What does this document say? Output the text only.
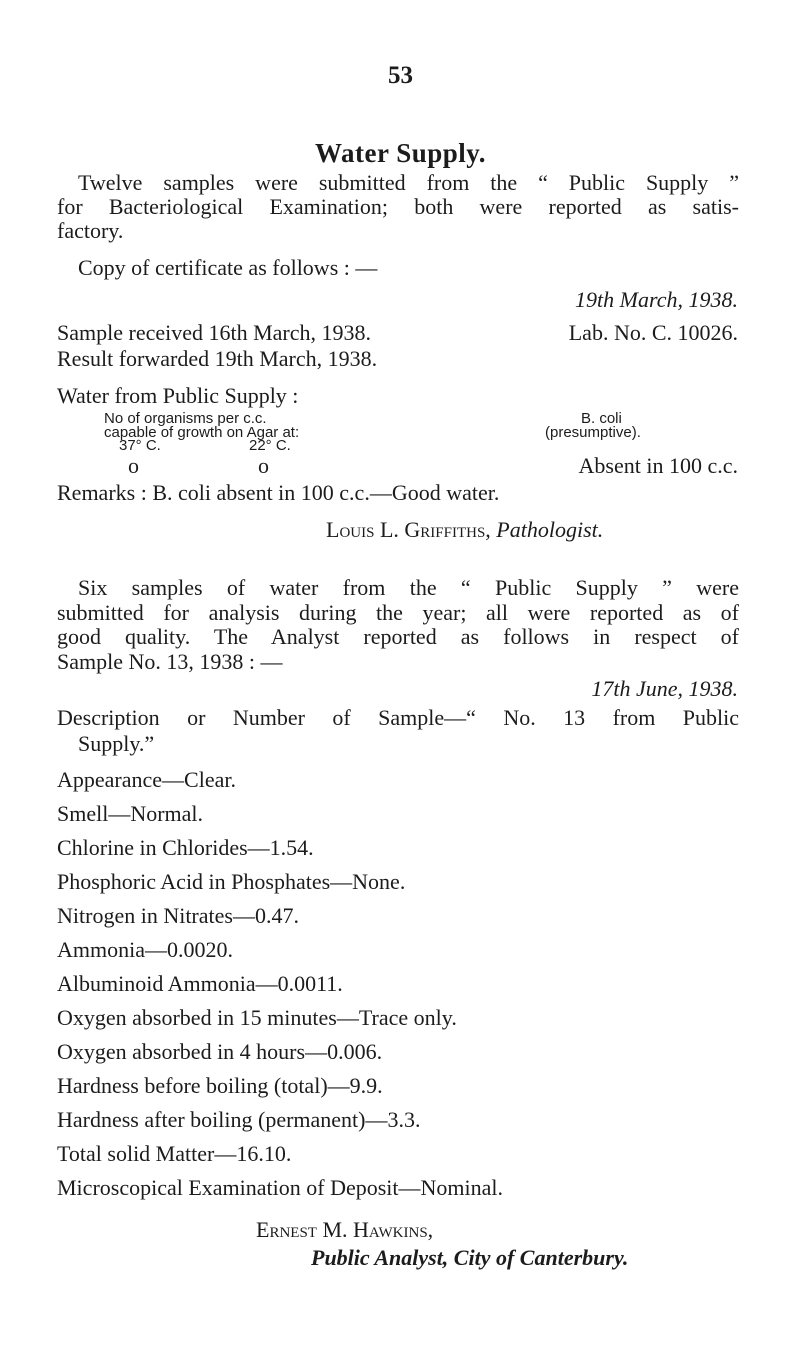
53
Water Supply.
Twelve samples were submitted from the “ Public Supply ”
for Bacteriological Examination; both were reported as satis-
factory.
Copy of certificate as follows : —
19th March, 1938.
Sample received 16th March, 1938.	Lab. No. C. 10026.
Result forwarded 19th March, 1938.
Water from Public Supply :
No of organisms per c.c.
capable of growth on Agar at:
37° C.	22° C.
B. coli
(presumptive).
o	o	Absent in 100 c.c.
Remarks : B. coli absent in 100 c.c.—Good water.
Louis L. Griffiths, Pathologist.
Six samples of water from the “ Public Supply ” were
submitted for analysis during the year; all were reported as of
good quality. The Analyst reported as follows in respect of
Sample No. 13, 1938 : —
17th June, 1938.
Description or Number of Sample—“ No. 13 from Public
Supply.”
Appearance—Clear.
Smell—Normal.
Chlorine in Chlorides—1.54.
Phosphoric Acid in Phosphates—None.
Nitrogen in Nitrates—0.47.
Ammonia—0.0020.
Albuminoid Ammonia—0.0011.
Oxygen absorbed in 15 minutes—Trace only.
Oxygen absorbed in 4 hours—0.006.
Hardness before boiling (total)—9.9.
Hardness after boiling (permanent)—3.3.
Total solid Matter—16.10.
Microscopical Examination of Deposit—Nominal.
Ernest M. Hawkins,
Public Analyst, City of Canterbury.
